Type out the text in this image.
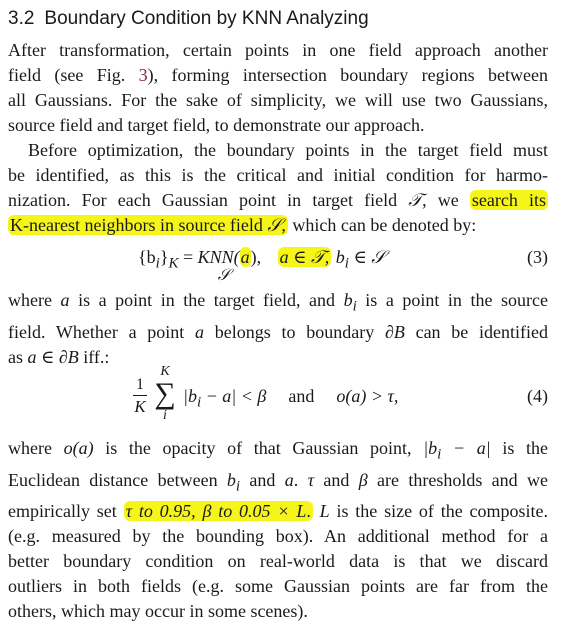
3.2 Boundary Condition by KNN Analyzing
After transformation, certain points in one field approach another
field (see Fig. 3), forming intersection boundary regions between
all Gaussians. For the sake of simplicity, we will use two Gaussians,
source field and target field, to demonstrate our approach.
Before optimization, the boundary points in the target field must
be identified, as this is the critical and initial condition for harmo-
nization. For each Gaussian point in target field 𝒯, we search its
K-nearest neighbors in source field 𝒮, which can be denoted by:
$\{b_i\}_K = KNN(a)$,
𝒮
a ∈ 𝒯, $b_i$ ∈ 𝒮	(3)
where a is a point in the target field, and $b_i$ is a point in the source
field. Whether a point a belongs to boundary ∂B can be identified
as a ∈ ∂B iff.:
1
K
K
∑
i
$|b_i - a| < \beta$ and o(a) > τ,	(4)
where o(a) is the opacity of that Gaussian point, $|b_i - a|$ is the
Euclidean distance between $b_i$ and a. τ and β are thresholds and we
empirically set τ to 0.95, β to 0.05 × L. L is the size of the composite.
(e.g. measured by the bounding box). An additional method for a
better boundary condition on real-world data is that we discard
outliers in both fields (e.g. some Gaussian points are far from the
others, which may occur in some scenes).
